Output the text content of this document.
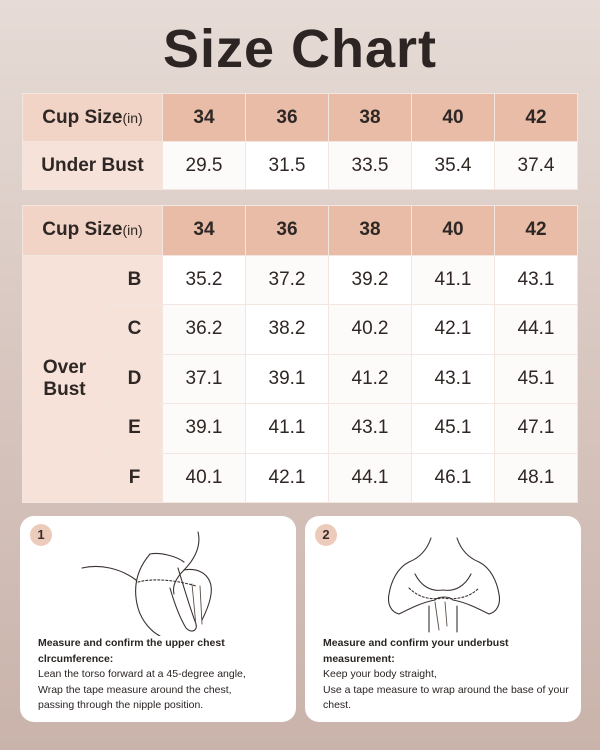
Size Chart
Cup Size(in)	34	36	38	40	42
Under Bust	29.5	31.5	33.5	35.4	37.4
Cup Size(in)		34	36	38	40	42

Over
Bust	B	35.2	37.2	39.2	41.1	43.1
	C	36.2	38.2	40.2	42.1	44.1
	D	37.1	39.1	41.2	43.1	45.1
	E	39.1	41.1	43.1	45.1	47.1
	F	40.1	42.1	44.1	46.1	48.1
1
Measure and confirm the upper chest
clrcumference:
Lean the torso forward at a 45-degree angle,
Wrap the tape measure around the chest,
passing through the nipple position.
2
Measure and confirm your underbust
measurement:
Keep your body straight,
Use a tape measure to wrap around the base of your
chest.
